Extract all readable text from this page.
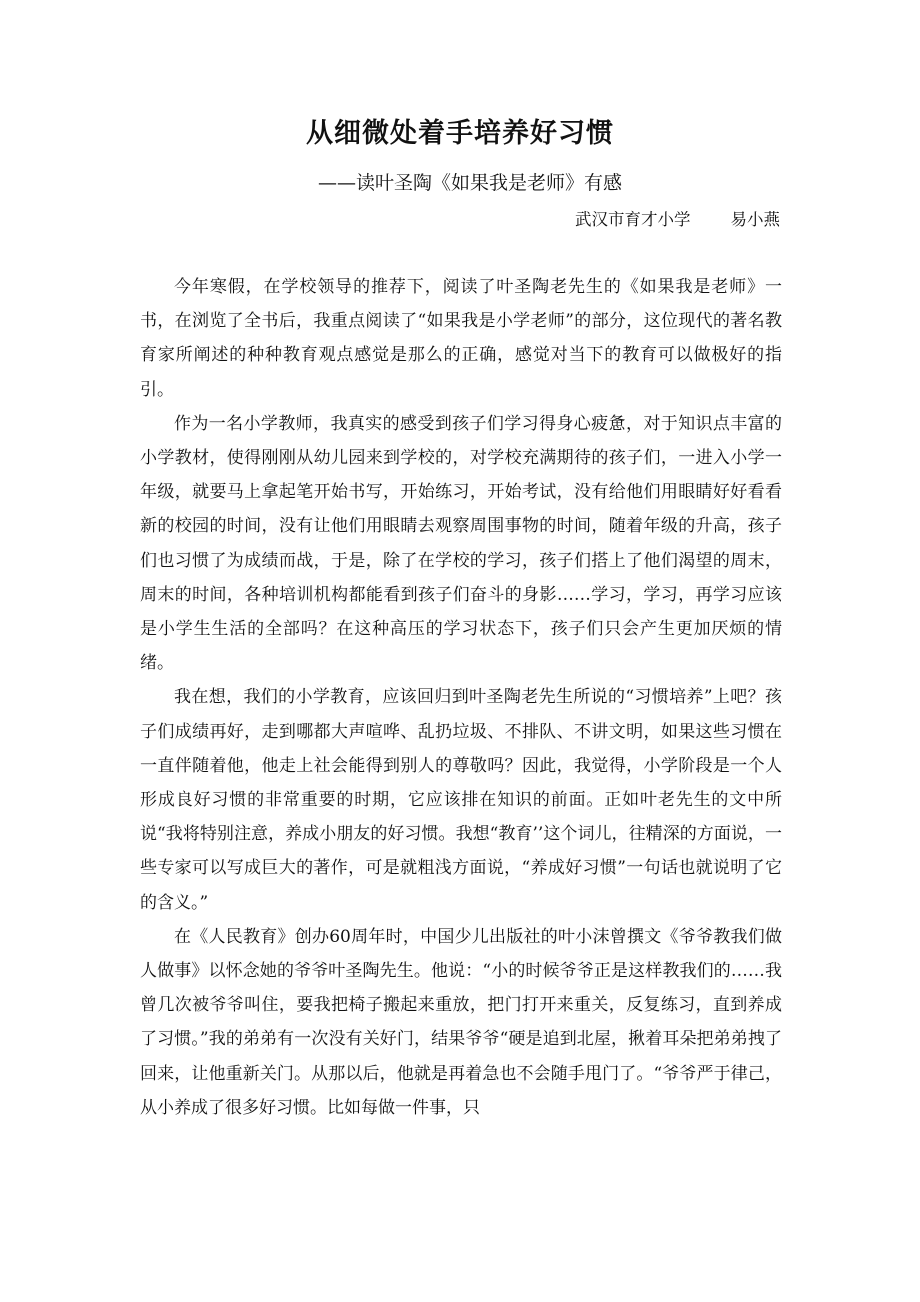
从细微处着手培养好习惯
——读叶圣陶《如果我是老师》有感
武汉市育才小学 易小燕

今年寒假，在学校领导的推荐下，阅读了叶圣陶老先生的《如果我是老师》一书，在浏览了全书后，我重点阅读了“如果我是小学老师”的部分，这位现代的著名教育家所阐述的种种教育观点感觉是那么的正确，感觉对当下的教育可以做极好的指引。

作为一名小学教师，我真实的感受到孩子们学习得身心疲惫，对于知识点丰富的小学教材，使得刚刚从幼儿园来到学校的，对学校充满期待的孩子们，一进入小学一年级，就要马上拿起笔开始书写，开始练习，开始考试，没有给他们用眼睛好好看看新的校园的时间，没有让他们用眼睛去观察周围事物的时间，随着年级的升高，孩子们也习惯了为成绩而战，于是，除了在学校的学习，孩子们搭上了他们渴望的周末，周末的时间，各种培训机构都能看到孩子们奋斗的身影……学习，学习，再学习应该是小学生生活的全部吗？在这种高压的学习状态下，孩子们只会产生更加厌烦的情绪。

我在想，我们的小学教育，应该回归到叶圣陶老先生所说的“习惯培养”上吧？孩子们成绩再好，走到哪都大声喧哗、乱扔垃圾、不排队、不讲文明，如果这些习惯在一直伴随着他，他走上社会能得到别人的尊敬吗？因此，我觉得，小学阶段是一个人形成良好习惯的非常重要的时期，它应该排在知识的前面。正如叶老先生的文中所说“我将特别注意，养成小朋友的好习惯。我想“教育’’这个词儿，往精深的方面说，一些专家可以写成巨大的著作，可是就粗浅方面说，“养成好习惯”一句话也就说明了它的含义。”

在《人民教育》创办60周年时，中国少儿出版社的叶小沫曾撰文《爷爷教我们做人做事》以怀念她的爷爷叶圣陶先生。他说：“小的时候爷爷正是这样教我们的……我曾几次被爷爷叫住，要我把椅子搬起来重放，把门打开来重关，反复练习，直到养成了习惯。”我的弟弟有一次没有关好门，结果爷爷“硬是追到北屋，揪着耳朵把弟弟拽了回来，让他重新关门。从那以后，他就是再着急也不会随手甩门了。“爷爷严于律己，从小养成了很多好习惯。比如每做一件事，只
